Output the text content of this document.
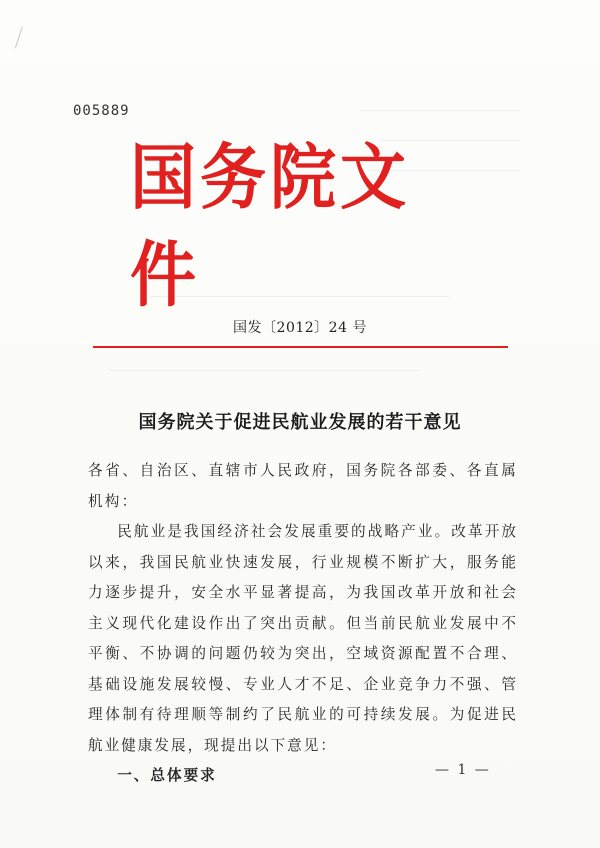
005889
国务院文件
国发〔2012〕24 号
国务院关于促进民航业发展的若干意见

各省、自治区、直辖市人民政府，国务院各部委、各直属机构：

民航业是我国经济社会发展重要的战略产业。改革开放以来，我国民航业快速发展，行业规模不断扩大，服务能力逐步提升，安全水平显著提高，为我国改革开放和社会主义现代化建设作出了突出贡献。但当前民航业发展中不平衡、不协调的问题仍较为突出，空域资源配置不合理、基础设施发展较慢、专业人才不足、企业竞争力不强、管理体制有待理顺等制约了民航业的可持续发展。为促进民航业健康发展，现提出以下意见：

一、总体要求	— 1 —
